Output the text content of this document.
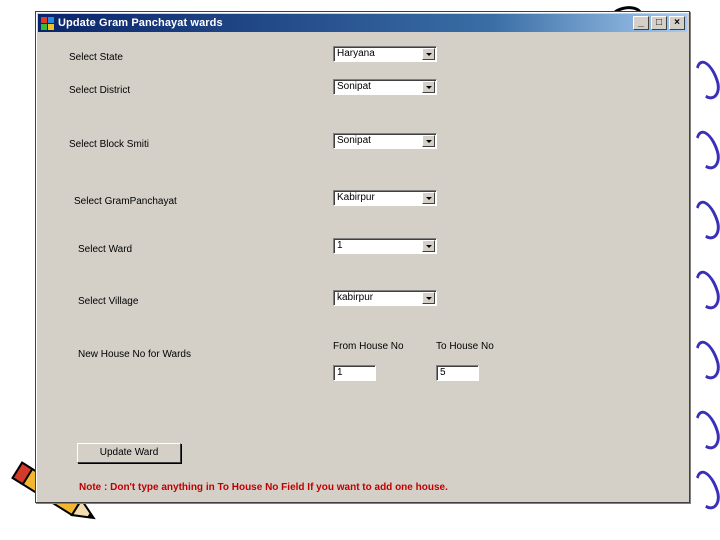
Update Gram Panchayat wards	_	□	×
Select State	Haryana
Select District	Sonipat
Select Block Smiti	Sonipat
Select GramPanchayat	Kabirpur
Select Ward	1
Select Village	kabirpur
New House No for Wards
From House No	To House No
1	5
Update Ward
Note : Don't type anything in To House No Field If you want to add one house.
